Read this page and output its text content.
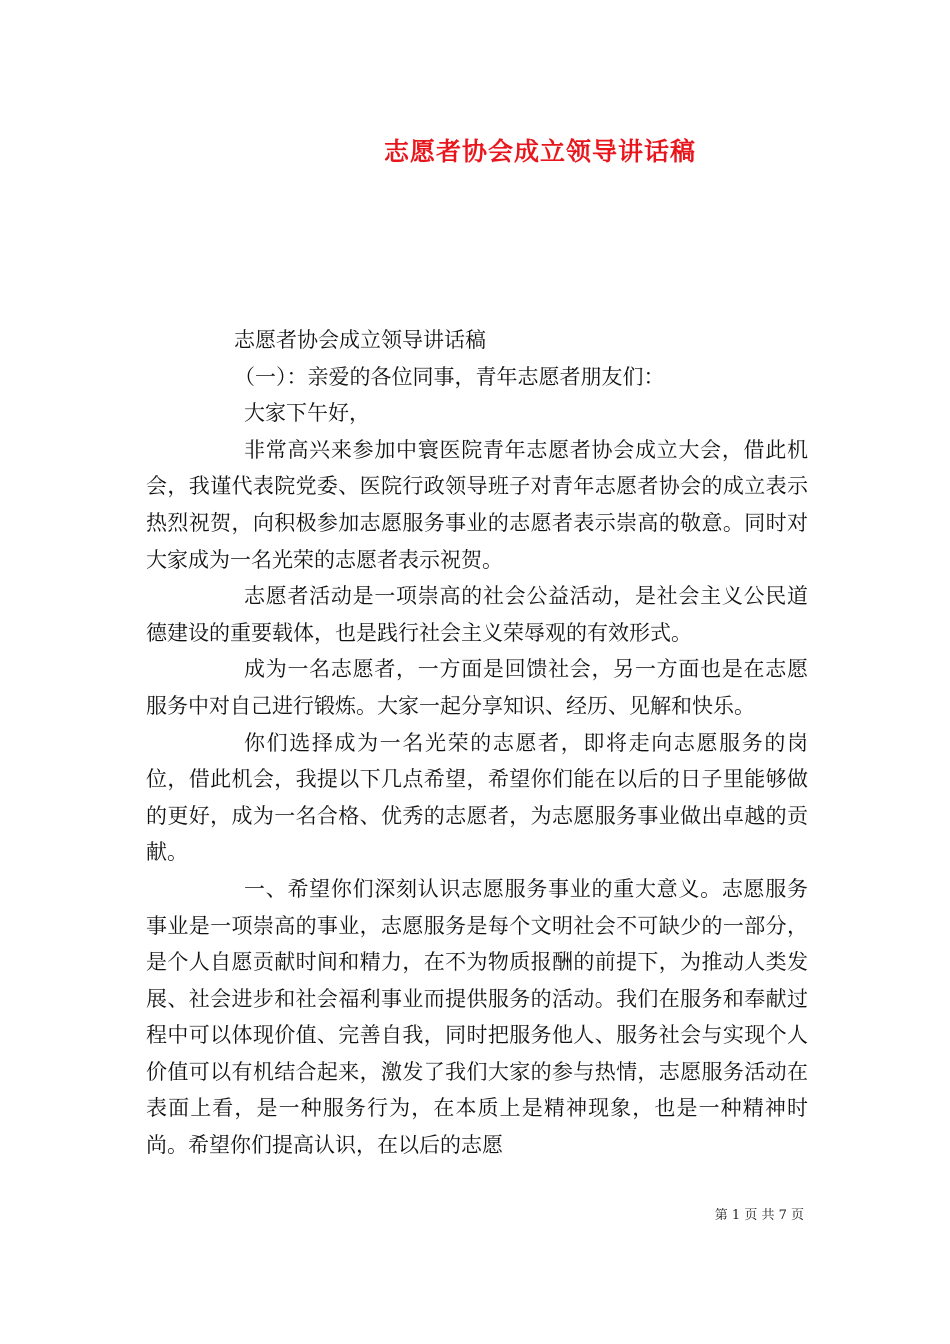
志愿者协会成立领导讲话稿

志愿者协会成立领导讲话稿

（一）：亲爱的各位同事，青年志愿者朋友们：

大家下午好，

非常高兴来参加中寰医院青年志愿者协会成立大会，借此机会，我谨代表院党委、医院行政领导班子对青年志愿者协会的成立表示热烈祝贺，向积极参加志愿服务事业的志愿者表示崇高的敬意。同时对大家成为一名光荣的志愿者表示祝贺。

志愿者活动是一项崇高的社会公益活动，是社会主义公民道德建设的重要载体，也是践行社会主义荣辱观的有效形式。

成为一名志愿者，一方面是回馈社会，另一方面也是在志愿服务中对自己进行锻炼。大家一起分享知识、经历、见解和快乐。

你们选择成为一名光荣的志愿者，即将走向志愿服务的岗位，借此机会，我提以下几点希望，希望你们能在以后的日子里能够做的更好，成为一名合格、优秀的志愿者，为志愿服务事业做出卓越的贡献。

一、希望你们深刻认识志愿服务事业的重大意义。志愿服务事业是一项崇高的事业，志愿服务是每个文明社会不可缺少的一部分，是个人自愿贡献时间和精力，在不为物质报酬的前提下，为推动人类发展、社会进步和社会福利事业而提供服务的活动。我们在服务和奉献过程中可以体现价值、完善自我，同时把服务他人、服务社会与实现个人价值可以有机结合起来，激发了我们大家的参与热情，志愿服务活动在表面上看，是一种服务行为，在本质上是精神现象，也是一种精神时尚。希望你们提高认识，在以后的志愿

第 1 页 共 7 页
